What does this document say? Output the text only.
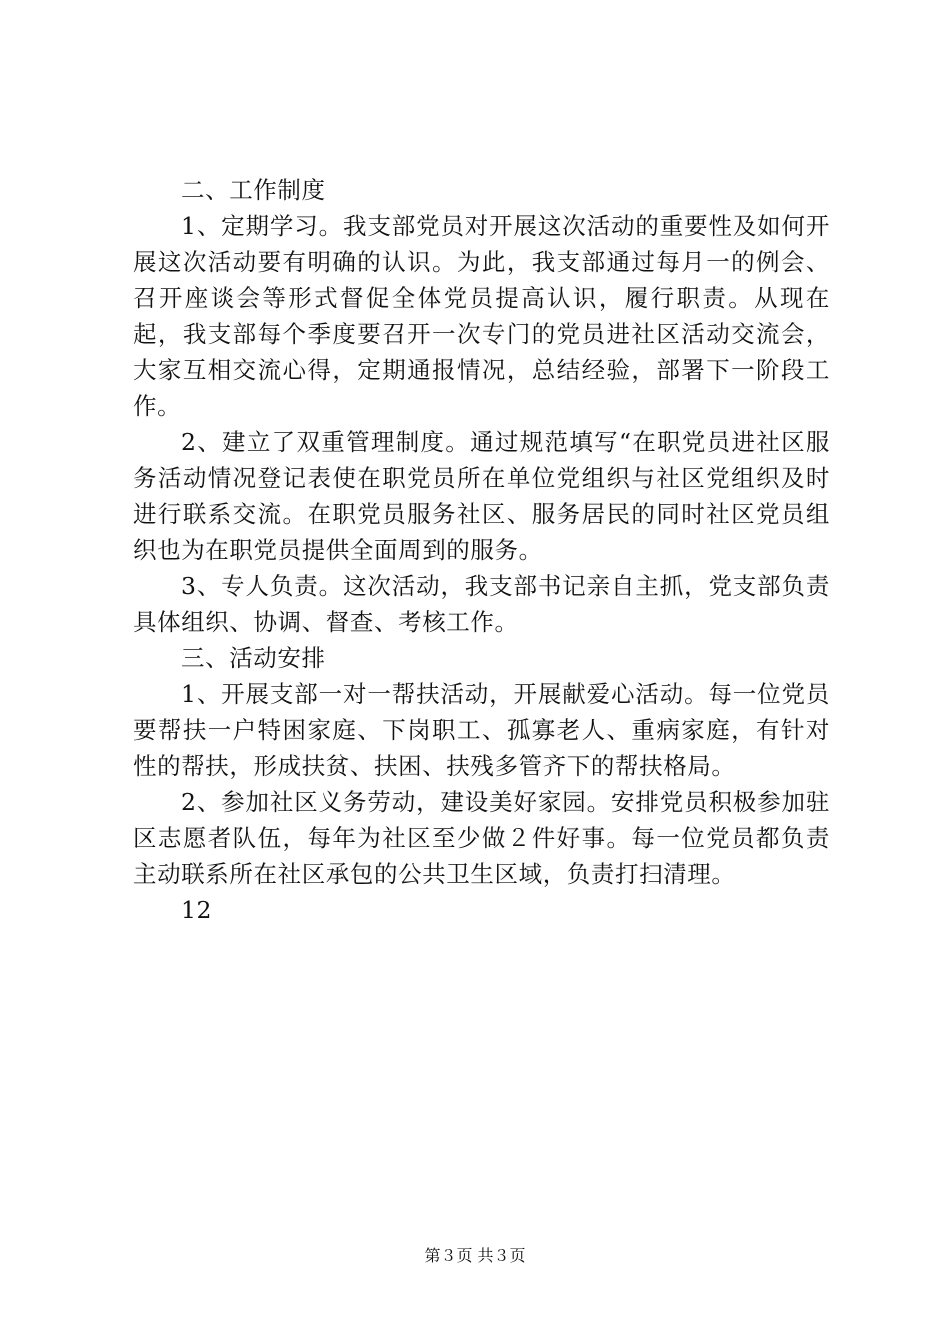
二、工作制度

1、定期学习。我支部党员对开展这次活动的重要性及如何开展这次活动要有明确的认识。为此，我支部通过每月一的例会、召开座谈会等形式督促全体党员提高认识，履行职责。从现在起，我支部每个季度要召开一次专门的党员进社区活动交流会，大家互相交流心得，定期通报情况，总结经验，部署下一阶段工作。

2、建立了双重管理制度。通过规范填写“在职党员进社区服务活动情况登记表使在职党员所在单位党组织与社区党组织及时进行联系交流。在职党员服务社区、服务居民的同时社区党员组织也为在职党员提供全面周到的服务。

3、专人负责。这次活动，我支部书记亲自主抓，党支部负责具体组织、协调、督查、考核工作。

三、活动安排

1、开展支部一对一帮扶活动，开展献爱心活动。每一位党员要帮扶一户特困家庭、下岗职工、孤寡老人、重病家庭，有针对性的帮扶，形成扶贫、扶困、扶残多管齐下的帮扶格局。

2、参加社区义务劳动，建设美好家园。安排党员积极参加驻区志愿者队伍，每年为社区至少做２件好事。每一位党员都负责主动联系所在社区承包的公共卫生区域，负责打扫清理。

12

第３页 共３页
